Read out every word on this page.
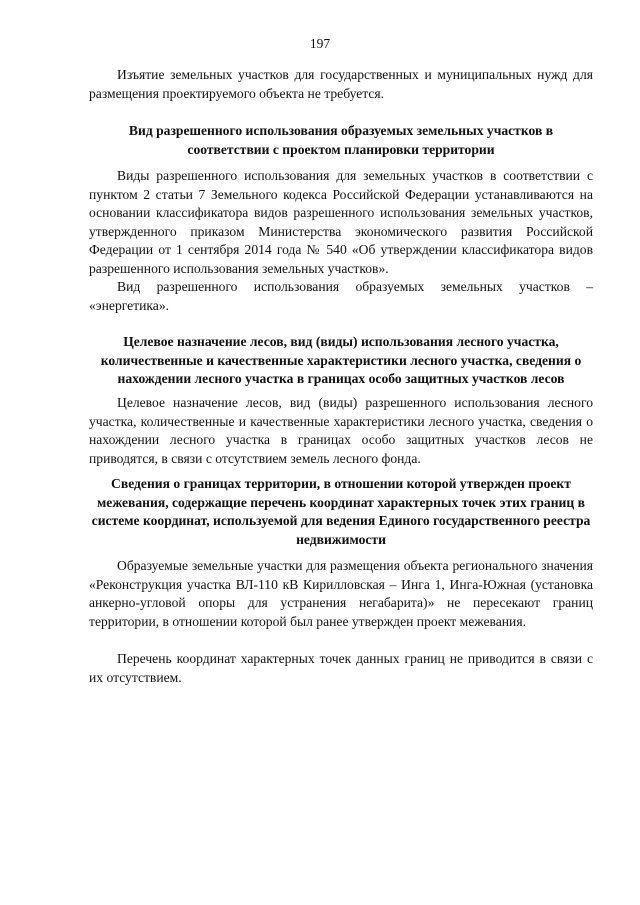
197

Изъятие земельных участков для государственных и муниципальных нужд для размещения проектируемого объекта не требуется.

Вид разрешенного использования образуемых земельных участков в соответствии с проектом планировки территории

Виды разрешенного использования для земельных участков в соответствии с пунктом 2 статьи 7 Земельного кодекса Российской Федерации устанавливаются на основании классификатора видов разрешенного использования земельных участков, утвержденного приказом Министерства экономического развития Российской Федерации от 1 сентября 2014 года № 540 «Об утверждении классификатора видов разрешенного использования земельных участков».

Вид разрешенного использования образуемых земельных участков – «энергетика».

Целевое назначение лесов, вид (виды) использования лесного участка, количественные и качественные характеристики лесного участка, сведения о нахождении лесного участка в границах особо защитных участков лесов

Целевое назначение лесов, вид (виды) разрешенного использования лесного участка, количественные и качественные характеристики лесного участка, сведения о нахождении лесного участка в границах особо защитных участков лесов не приводятся, в связи с отсутствием земель лесного фонда.

Сведения о границах территории, в отношении которой утвержден проект межевания, содержащие перечень координат характерных точек этих границ в системе координат, используемой для ведения Единого государственного реестра недвижимости

Образуемые земельные участки для размещения объекта регионального значения «Реконструкция участка ВЛ-110 кВ Кирилловская – Инга 1, Инга-Южная (установка анкерно-угловой опоры для устранения негабарита)» не пересекают границ территории, в отношении которой был ранее утвержден проект межевания.

Перечень координат характерных точек данных границ не приводится в связи с их отсутствием.
